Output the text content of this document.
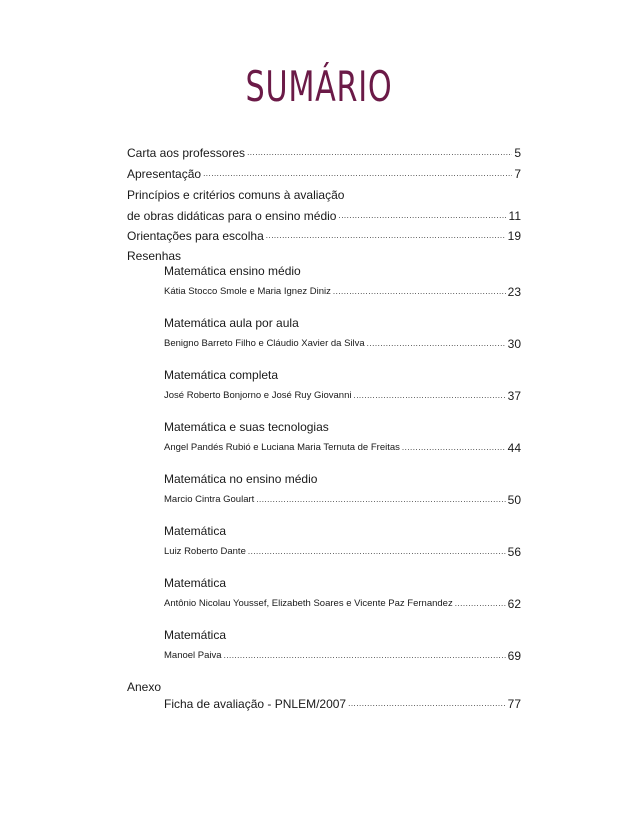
SUMÁRIO
Carta aos professores .....	5
Apresentação .....	7
Princípios e critérios comuns à avaliação
de obras didáticas para o ensino médio .....	11
Orientações para escolha .....	19
Resenhas
Matemática ensino médio
Kátia Stocco Smole e Maria Ignez Diniz .....	23
Matemática aula por aula
Benigno Barreto Filho e Cláudio Xavier da Silva .....	30
Matemática completa
José Roberto Bonjorno e José Ruy Giovanni .....	37
Matemática e suas tecnologias
Angel Pandés Rubió e Luciana Maria Ternuta de Freitas .....	44
Matemática no ensino médio
Marcio Cintra Goulart .....	50
Matemática
Luiz Roberto Dante .....	56
Matemática
Antônio Nicolau Youssef, Elizabeth Soares e Vicente Paz Fernandez .....	62
Matemática
Manoel Paiva .....	69
Anexo
Ficha de avaliação - PNLEM/2007 .....	77
